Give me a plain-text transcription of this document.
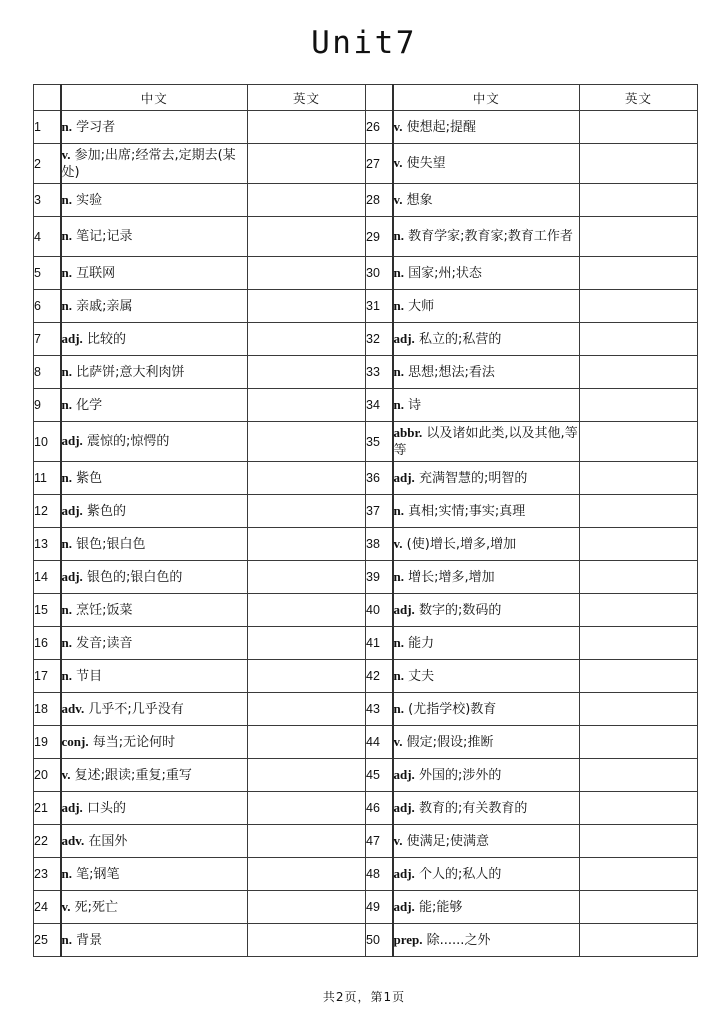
Unit7
	中文	英文		中文	英文
1	n. 学习者		26	v. 使想起;提醒	
2	v. 参加;出席;经常去,定期去(某处)		27	v. 使失望	
3	n. 实验		28	v. 想象	
4	n. 笔记;记录		29	n. 教育学家;教育家;教育工作者	
5	n. 互联网		30	n. 国家;州;状态	
6	n. 亲戚;亲属		31	n. 大师	
7	adj. 比较的		32	adj. 私立的;私营的	
8	n. 比萨饼;意大利肉饼		33	n. 思想;想法;看法	
9	n. 化学		34	n. 诗	
10	adj. 震惊的;惊愕的		35	abbr. 以及诸如此类,以及其他,等等	
11	n. 紫色		36	adj. 充满智慧的;明智的	
12	adj. 紫色的		37	n. 真相;实情;事实;真理	
13	n. 银色;银白色		38	v. (使)增长,增多,增加	
14	adj. 银色的;银白色的		39	n. 增长;增多,增加	
15	n. 烹饪;饭菜		40	adj. 数字的;数码的	
16	n. 发音;读音		41	n. 能力	
17	n. 节目		42	n. 丈夫	
18	adv. 几乎不;几乎没有		43	n. (尤指学校)教育	
19	conj. 每当;无论何时		44	v. 假定;假设;推断	
20	v. 复述;跟读;重复;重写		45	adj. 外国的;涉外的	
21	adj. 口头的		46	adj. 教育的;有关教育的	
22	adv. 在国外		47	v. 使满足;使满意	
23	n. 笔;钢笔		48	adj. 个人的;私人的	
24	v. 死;死亡		49	adj. 能;能够	
25	n. 背景		50	prep. 除......之外	
共2页，第1页
